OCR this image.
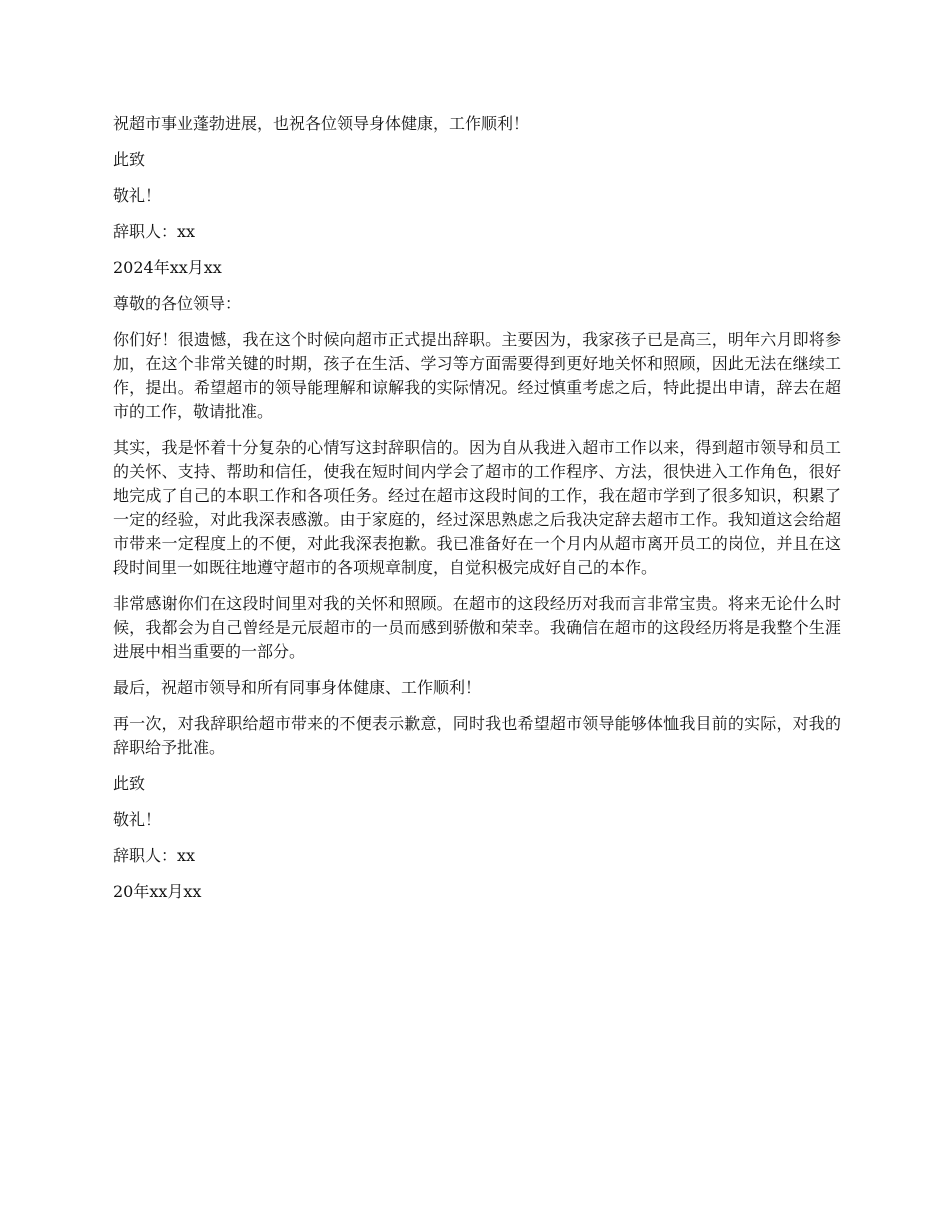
祝超市事业蓬勃进展，也祝各位领导身体健康，工作顺利！

此致

敬礼！

辞职人：xx

2024年xx月xx

尊敬的各位领导：

你们好！很遗憾，我在这个时候向超市正式提出辞职。主要因为，我家孩子已是高三，明年六月即将参加，在这个非常关键的时期，孩子在生活、学习等方面需要得到更好地关怀和照顾，因此无法在继续工作，提出。希望超市的领导能理解和谅解我的实际情况。经过慎重考虑之后，特此提出申请，辞去在超市的工作，敬请批准。

其实，我是怀着十分复杂的心情写这封辞职信的。因为自从我进入超市工作以来，得到超市领导和员工的关怀、支持、帮助和信任，使我在短时间内学会了超市的工作程序、方法，很快进入工作角色，很好地完成了自己的本职工作和各项任务。经过在超市这段时间的工作，我在超市学到了很多知识，积累了一定的经验，对此我深表感激。由于家庭的，经过深思熟虑之后我决定辞去超市工作。我知道这会给超市带来一定程度上的不便，对此我深表抱歉。我已准备好在一个月内从超市离开员工的岗位，并且在这段时间里一如既往地遵守超市的各项规章制度，自觉积极完成好自己的本作。

非常感谢你们在这段时间里对我的关怀和照顾。在超市的这段经历对我而言非常宝贵。将来无论什么时候，我都会为自己曾经是元辰超市的一员而感到骄傲和荣幸。我确信在超市的这段经历将是我整个生涯进展中相当重要的一部分。

最后，祝超市领导和所有同事身体健康、工作顺利！

再一次，对我辞职给超市带来的不便表示歉意，同时我也希望超市领导能够体恤我目前的实际，对我的辞职给予批准。

此致

敬礼！

辞职人：xx

20年xx月xx
